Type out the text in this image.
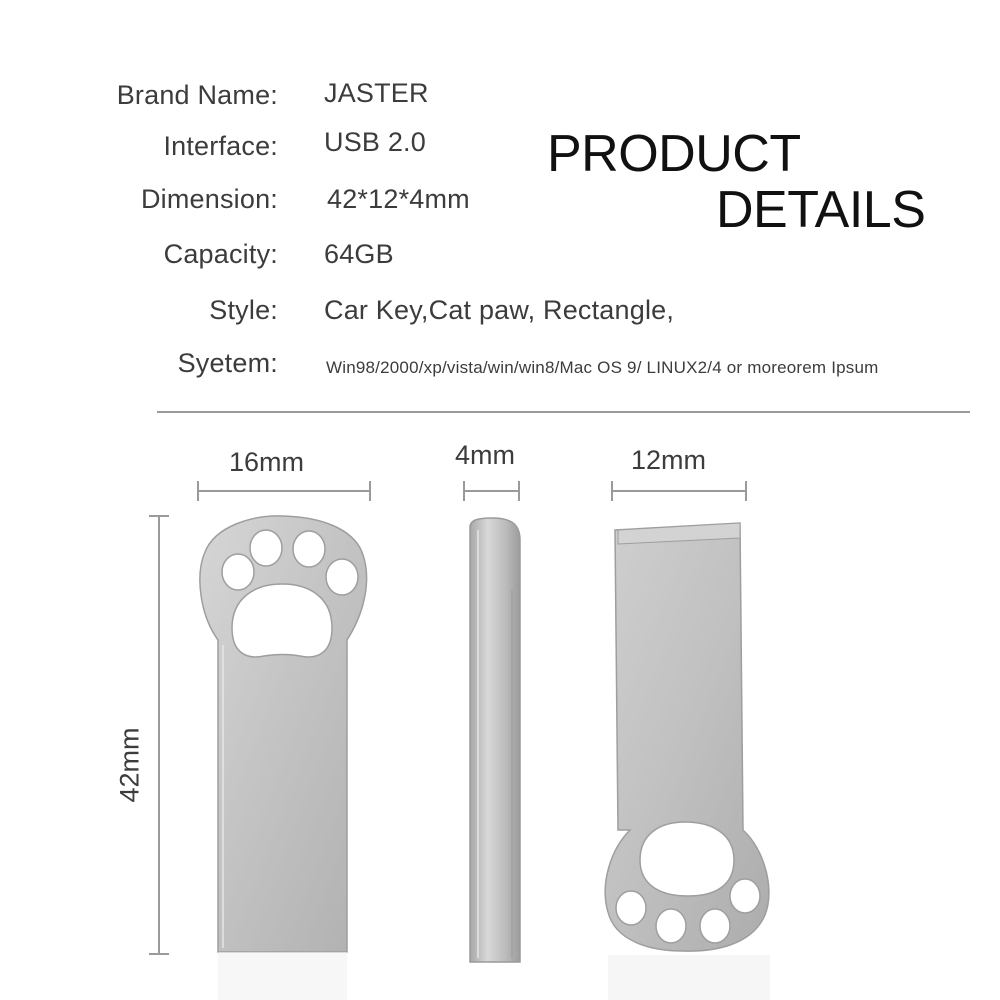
Brand Name: JASTER
Interface: USB 2.0
Dimension: 42*12*4mm
Capacity: 64GB
Style: Car Key,Cat paw, Rectangle,
Syetem:	Win98/2000/xp/vista/win/win8/Mac OS 9/ LINUX2/4 or moreorem Ipsum
PRODUCT
DETAILS
16mm	4mm	12mm
42mm
